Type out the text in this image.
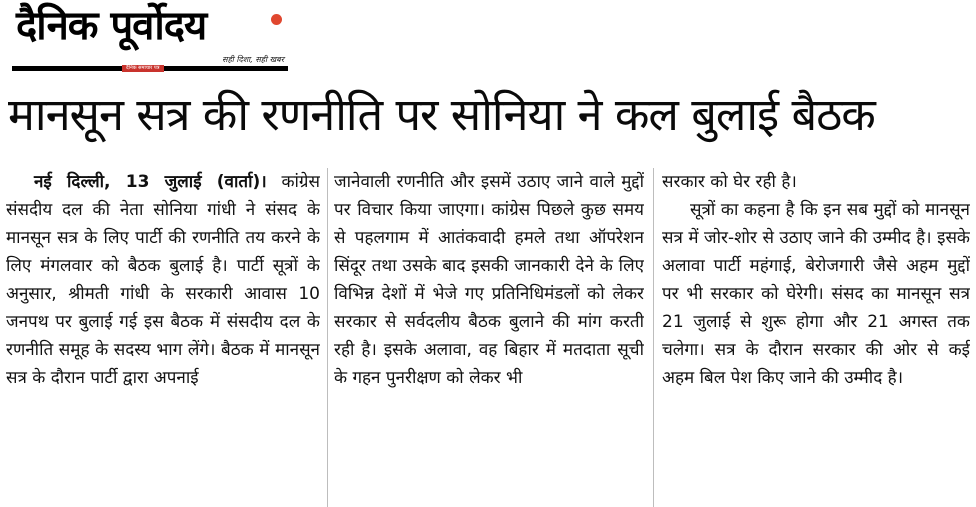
दैनिक पूर्वोदय
सही दिशा, सही खबर
दैनिक समाचार पत्र
मानसून सत्र की रणनीति पर सोनिया ने कल बुलाई बैठक

नई दिल्ली, 13 जुलाई (वार्ता)। कांग्रेस संसदीय दल की नेता सोनिया गांधी ने संसद के मानसून सत्र के लिए पार्टी की रणनीति तय करने के लिए मंगलवार को बैठक बुलाई है। पार्टी सूत्रों के अनुसार, श्रीमती गांधी के सरकारी आवास 10 जनपथ पर बुलाई गई इस बैठक में संसदीय दल के रणनीति समूह के सदस्य भाग लेंगे। बैठक में मानसून सत्र के दौरान पार्टी द्वारा अपनाई

जानेवाली रणनीति और इसमें उठाए जाने वाले मुद्दों पर विचार किया जाएगा। कांग्रेस पिछले कुछ समय से पहलगाम में आतंकवादी हमले तथा ऑपरेशन सिंदूर तथा उसके बाद इसकी जानकारी देने के लिए विभिन्न देशों में भेजे गए प्रतिनिधिमंडलों को लेकर सरकार से सर्वदलीय बैठक बुलाने की मांग करती रही है। इसके अलावा, वह बिहार में मतदाता सूची के गहन पुनरीक्षण को लेकर भी

सरकार को घेर रही है।

सूत्रों का कहना है कि इन सब मुद्दों को मानसून सत्र में जोर-शोर से उठाए जाने की उम्मीद है। इसके अलावा पार्टी महंगाई, बेरोजगारी जैसे अहम मुद्दों पर भी सरकार को घेरेगी। संसद का मानसून सत्र 21 जुलाई से शुरू होगा और 21 अगस्त तक चलेगा। सत्र के दौरान सरकार की ओर से कई अहम बिल पेश किए जाने की उम्मीद है।
